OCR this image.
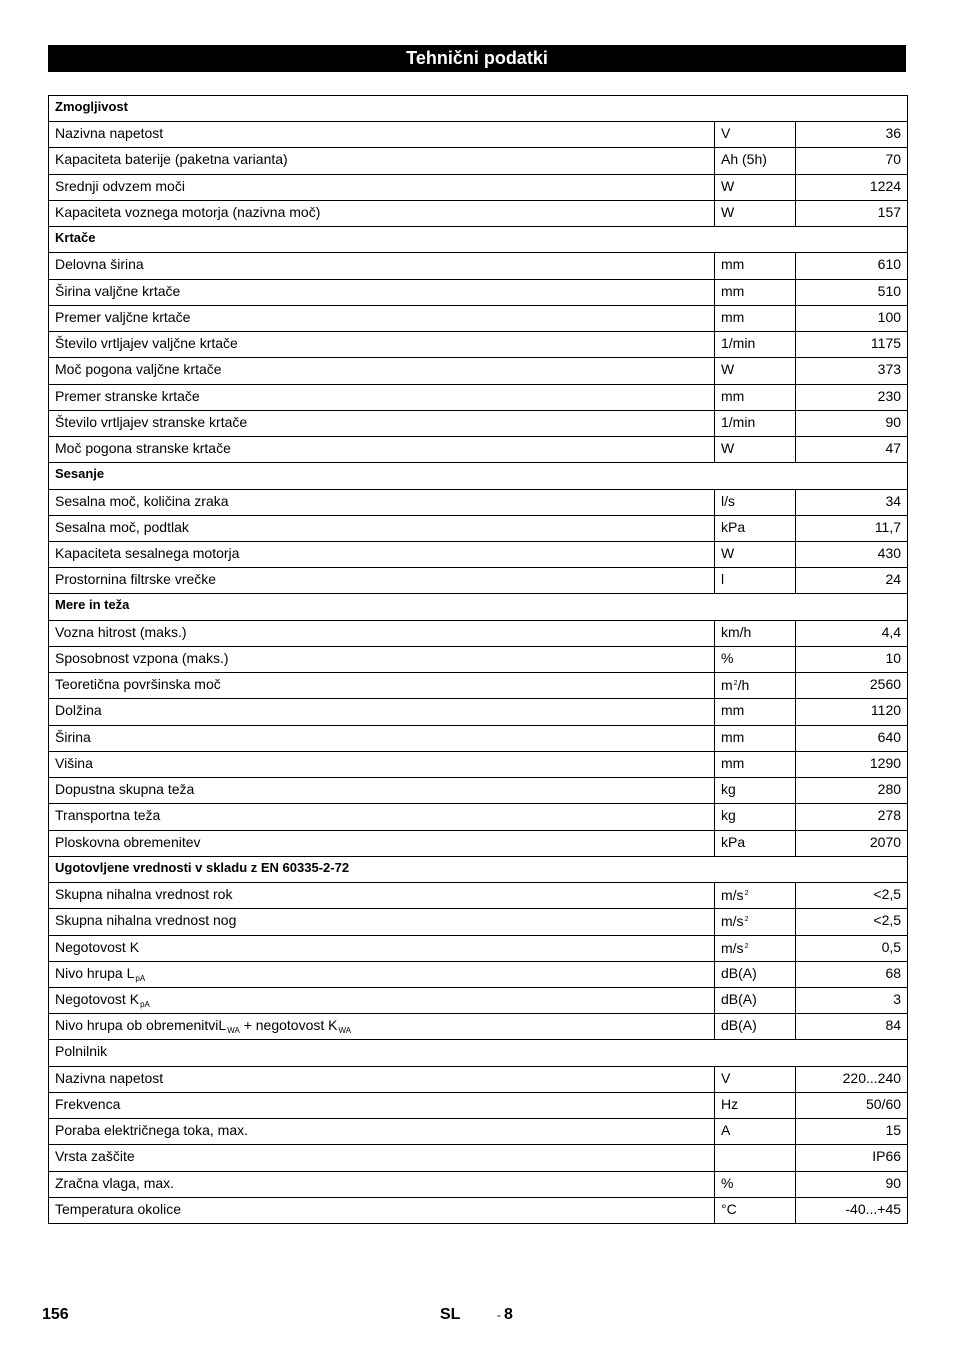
Tehnični podatki
Zmogljivost		
Nazivna napetost	V	36
Kapaciteta baterije (paketna varianta)	Ah (5h)	70
Srednji odvzem moči	W	1224
Kapaciteta voznega motorja (nazivna moč)	W	157
Krtače		
Delovna širina	mm	610
Širina valjčne krtače	mm	510
Premer valjčne krtače	mm	100
Število vrtljajev valjčne krtače	1/min	1175
Moč pogona valjčne krtače	W	373
Premer stranske krtače	mm	230
Število vrtljajev stranske krtače	1/min	90
Moč pogona stranske krtače	W	47
Sesanje		
Sesalna moč, količina zraka	l/s	34
Sesalna moč, podtlak	kPa	11,7
Kapaciteta sesalnega motorja	W	430
Prostornina filtrske vrečke	l	24
Mere in teža		
Vozna hitrost (maks.)	km/h	4,4
Sposobnost vzpona (maks.)	%	10
Teoretična površinska moč	$m^2/h$	2560
Dolžina	mm	1120
Širina	mm	640
Višina	mm	1290
Dopustna skupna teža	kg	280
Transportna teža	kg	278
Ploskovna obremenitev	kPa	2070
Ugotovljene vrednosti v skladu z EN 60335-2-72		
Skupna nihalna vrednost rok	$m/s^2$	<2,5
Skupna nihalna vrednost nog	$m/s^2$	<2,5
Negotovost K	$m/s^2$	0,5
Nivo hrupa $L_{pA}$	dB(A)	68
Negotovost $K_{pA}$	dB(A)	3
Nivo hrupa ob obremenitviL$_{WA}$ + negotovost $K_{WA}$	dB(A)	84
Polnilnik		
Nazivna napetost	V	220...240
Frekvenca	Hz	50/60
Poraba električnega toka, max.	A	15
Vrsta zaščite		IP66
Zračna vlaga, max.	%	90
Temperatura okolice	°C	-40...+45
156	SL	- 8
